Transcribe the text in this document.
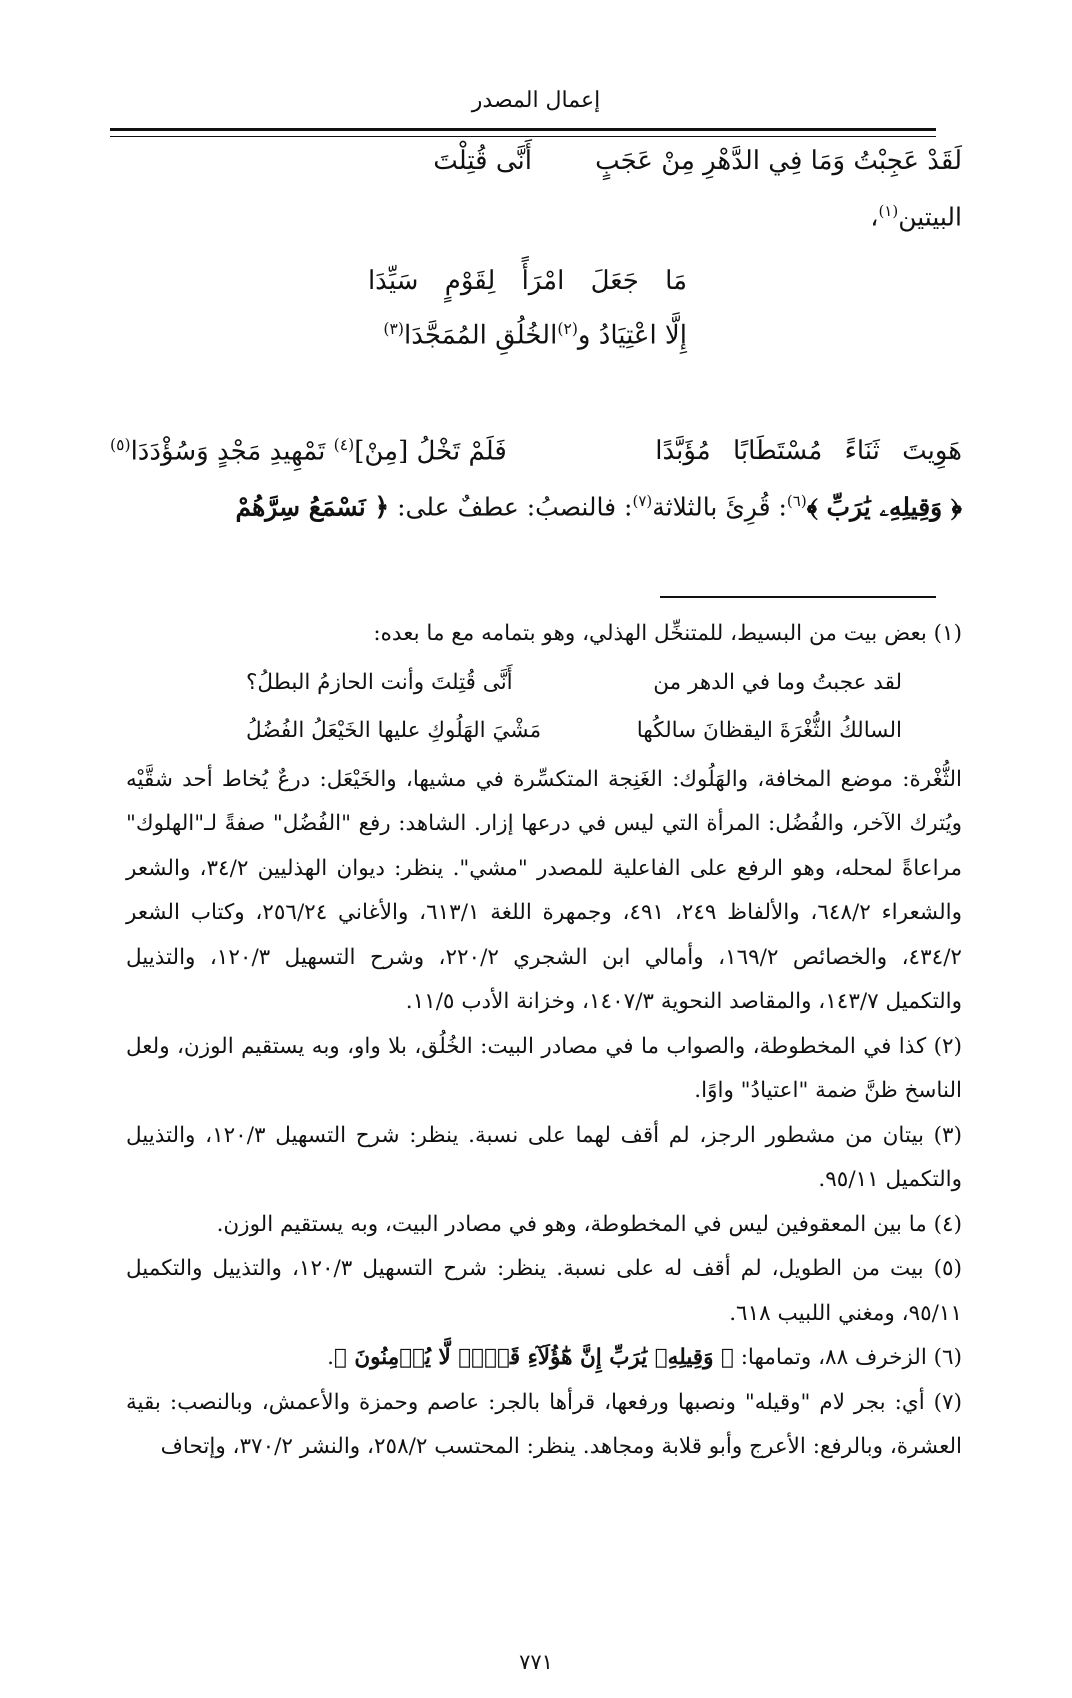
إعمال المصدر
لَقَدْ عَجِبْتُ وَمَا فِي الدَّهْرِ مِنْ عَجَبٍ
أَنَّى قُتِلْتَ
البيتين$^{(١)}$،
مَا جَعَلَ امْرَأً لِقَوْمٍ سَيِّدَا
إِلَّا اعْتِيَادُ و$^{(٢)}$الخُلُقِ المُمَجَّدَا$^{(٣)}$
هَوِيتَ ثَنَاءً مُسْتَطَابًا مُؤَبَّدًا
فَلَمْ تَخْلُ [مِنْ]$^{(٤)}$ تَمْهِيدِ مَجْدٍ وَسُؤْدَدَا$^{(٥)}$
﴿ وَقِيلِهِۦ يَٰرَبِّ ﴾$^{(٦)}$: قُرِئَ بالثلاثة$^{(٧)}$: فالنصبُ: عطفٌ على: ﴿ نَسْمَعُ سِرَّهُمْ

(١) بعض بيت من البسيط، للمتنخِّل الهذلي، وهو بتمامه مع ما بعده:

لقد عجبتُ وما في الدهر من
أَنَّى قُتِلتَ وأنت الحازمُ البطلُ؟
السالكُ الثُّغْرَةَ اليقظانَ سالكُها
مَشْيَ الهَلُوكِ عليها الخَيْعَلُ الفُضُلُ

الثُّغْرة: موضع المخافة، والهَلُوك: الغَنِجة المتكسِّرة في مشيها، والخَيْعَل: درعٌ يُخاط أحد شقَّيْه ويُترك الآخر، والفُضُل: المرأة التي ليس في درعها إزار. الشاهد: رفع "الفُضُل" صفةً لـ"الهلوك" مراعاةً لمحله، وهو الرفع على الفاعلية للمصدر "مشي". ينظر: ديوان الهذليين ٣٤/٢، والشعر والشعراء ٦٤٨/٢، والألفاظ ٢٤٩، ٤٩١، وجمهرة اللغة ٦١٣/١، والأغاني ٢٥٦/٢٤، وكتاب الشعر ٤٣٤/٢، والخصائص ١٦٩/٢، وأمالي ابن الشجري ٢٢٠/٢، وشرح التسهيل ١٢٠/٣، والتذييل والتكميل ١٤٣/٧، والمقاصد النحوية ١٤٠٧/٣، وخزانة الأدب ١١/٥.

(٢) كذا في المخطوطة، والصواب ما في مصادر البيت: الخُلُق، بلا واو، وبه يستقيم الوزن، ولعل الناسخ ظنَّ ضمة "اعتيادُ" واوًا.

(٣) بيتان من مشطور الرجز، لم أقف لهما على نسبة. ينظر: شرح التسهيل ١٢٠/٣، والتذييل والتكميل ٩٥/١١.

(٤) ما بين المعقوفين ليس في المخطوطة، وهو في مصادر البيت، وبه يستقيم الوزن.

(٥) بيت من الطويل، لم أقف له على نسبة. ينظر: شرح التسهيل ١٢٠/٣، والتذييل والتكميل ٩٥/١١، ومغني اللبيب ٦١٨.

(٦) الزخرف ٨٨، وتمامها: ﴿ وَقِيلِهِۦ يَٰرَبِّ إِنَّ هَٰٓؤُلَآءِ قَوۡمٞ لَّا يُؤۡمِنُونَ ﴾.

(٧) أي: بجر لام "وقيله" ونصبها ورفعها، قرأها بالجر: عاصم وحمزة والأعمش، وبالنصب: بقية العشرة، وبالرفع: الأعرج وأبو قلابة ومجاهد. ينظر: المحتسب ٢٥٨/٢، والنشر ٣٧٠/٢، وإتحاف

٧٧١
